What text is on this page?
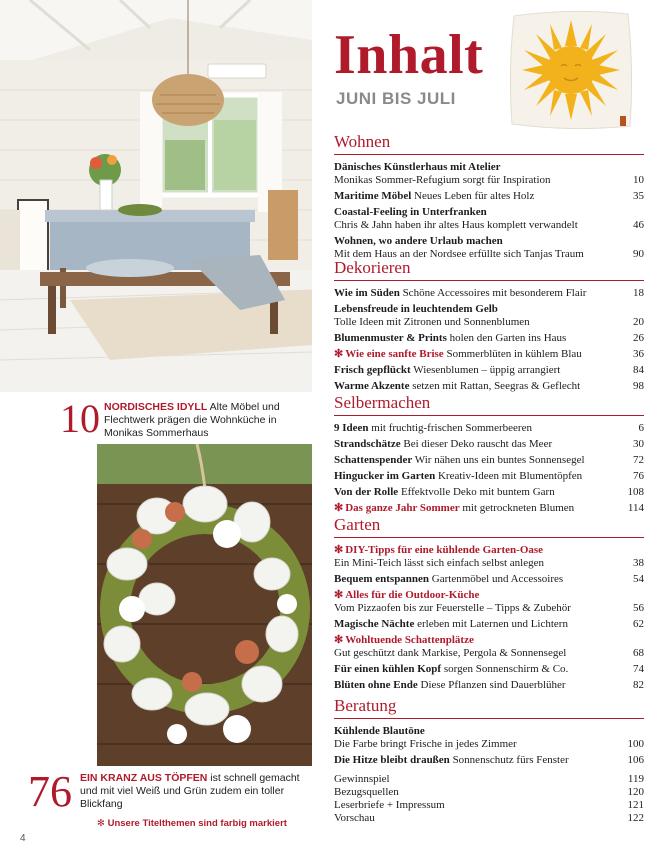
10 NORDISCHES IDYLL Alte Möbel und Flechtwerk prägen die Wohnküche in Monikas Sommerhaus
76 EIN KRANZ AUS TÖPFEN ist schnell gemacht und mit viel Weiß und Grün zudem ein toller Blickfang
✻ Unsere Titelthemen sind farbig markiert
4
Inhalt
JUNI BIS JULI
Wohnen
Dänisches Künstlerhaus mit Atelier
Monikas Sommer-Refugium sorgt für Inspiration	10
Maritime Möbel Neues Leben für altes Holz	35
Coastal-Feeling in Unterfranken
Chris & Jahn haben ihr altes Haus komplett verwandelt	46
Wohnen, wo andere Urlaub machen
Mit dem Haus an der Nordsee erfüllte sich Tanjas Traum	90
Dekorieren
Wie im Süden Schöne Accessoires mit besonderem Flair	18
Lebensfreude in leuchtendem Gelb
Tolle Ideen mit Zitronen und Sonnenblumen	20
Blumenmuster & Prints holen den Garten ins Haus	26
✻ Wie eine sanfte Brise Sommerblüten in kühlem Blau	36
Frisch gepflückt Wiesenblumen – üppig arrangiert	84
Warme Akzente setzen mit Rattan, Seegras & Geflecht	98
Selbermachen
9 Ideen mit fruchtig-frischen Sommerbeeren	6
Strandschätze Bei dieser Deko rauscht das Meer	30
Schattenspender Wir nähen uns ein buntes Sonnensegel	72
Hingucker im Garten Kreativ-Ideen mit Blumentöpfen	76
Von der Rolle Effektvolle Deko mit buntem Garn	108
✻ Das ganze Jahr Sommer mit getrockneten Blumen	114
Garten
✻ DIY-Tipps für eine kühlende Garten-Oase
Ein Mini-Teich lässt sich einfach selbst anlegen	38
Bequem entspannen Gartenmöbel und Accessoires	54
✻ Alles für die Outdoor-Küche
Vom Pizzaofen bis zur Feuerstelle – Tipps & Zubehör	56
Magische Nächte erleben mit Laternen und Lichtern	62
✻ Wohltuende Schattenplätze
Gut geschützt dank Markise, Pergola & Sonnensegel	68
Für einen kühlen Kopf sorgen Sonnenschirm & Co.	74
Blüten ohne Ende Diese Pflanzen sind Dauerblüher	82
Beratung
Kühlende Blautöne
Die Farbe bringt Frische in jedes Zimmer	100
Die Hitze bleibt draußen Sonnenschutz fürs Fenster	106
Gewinnspiel	119
Bezugsquellen	120
Leserbriefe + Impressum	121
Vorschau	122
